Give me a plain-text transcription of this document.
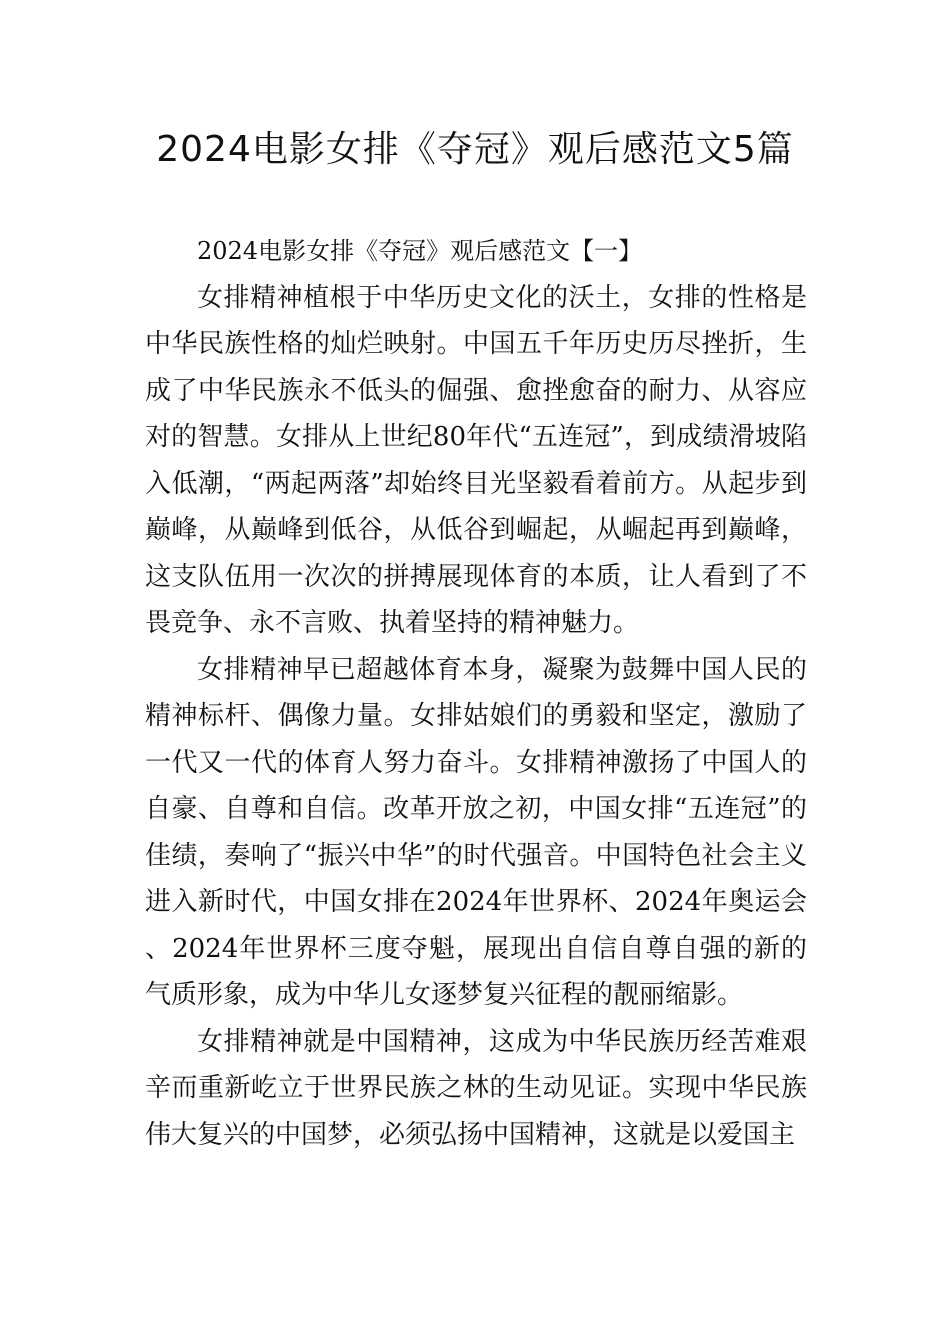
2024电影女排《夺冠》观后感范文5篇
2024电影女排《夺冠》观后感范文【一】

女排精神植根于中华历史文化的沃土，女排的性格是中华民族性格的灿烂映射。中国五千年历史历尽挫折，生成了中华民族永不低头的倔强、愈挫愈奋的耐力、从容应对的智慧。女排从上世纪80年代“五连冠”，到成绩滑坡陷入低潮，“两起两落”却始终目光坚毅看着前方。从起步到巅峰，从巅峰到低谷，从低谷到崛起，从崛起再到巅峰，这支队伍用一次次的拼搏展现体育的本质，让人看到了不畏竞争、永不言败、执着坚持的精神魅力。

女排精神早已超越体育本身，凝聚为鼓舞中国人民的精神标杆、偶像力量。女排姑娘们的勇毅和坚定，激励了一代又一代的体育人努力奋斗。女排精神激扬了中国人的自豪、自尊和自信。改革开放之初，中国女排“五连冠”的佳绩，奏响了“振兴中华”的时代强音。中国特色社会主义进入新时代，中国女排在2024年世界杯、2024年奥运会、2024年世界杯三度夺魁，展现出自信自尊自强的新的气质形象，成为中华儿女逐梦复兴征程的靓丽缩影。

女排精神就是中国精神，这成为中华民族历经苦难艰辛而重新屹立于世界民族之林的生动见证。实现中华民族伟大复兴的中国梦，必须弘扬中国精神，这就是以爱国主
